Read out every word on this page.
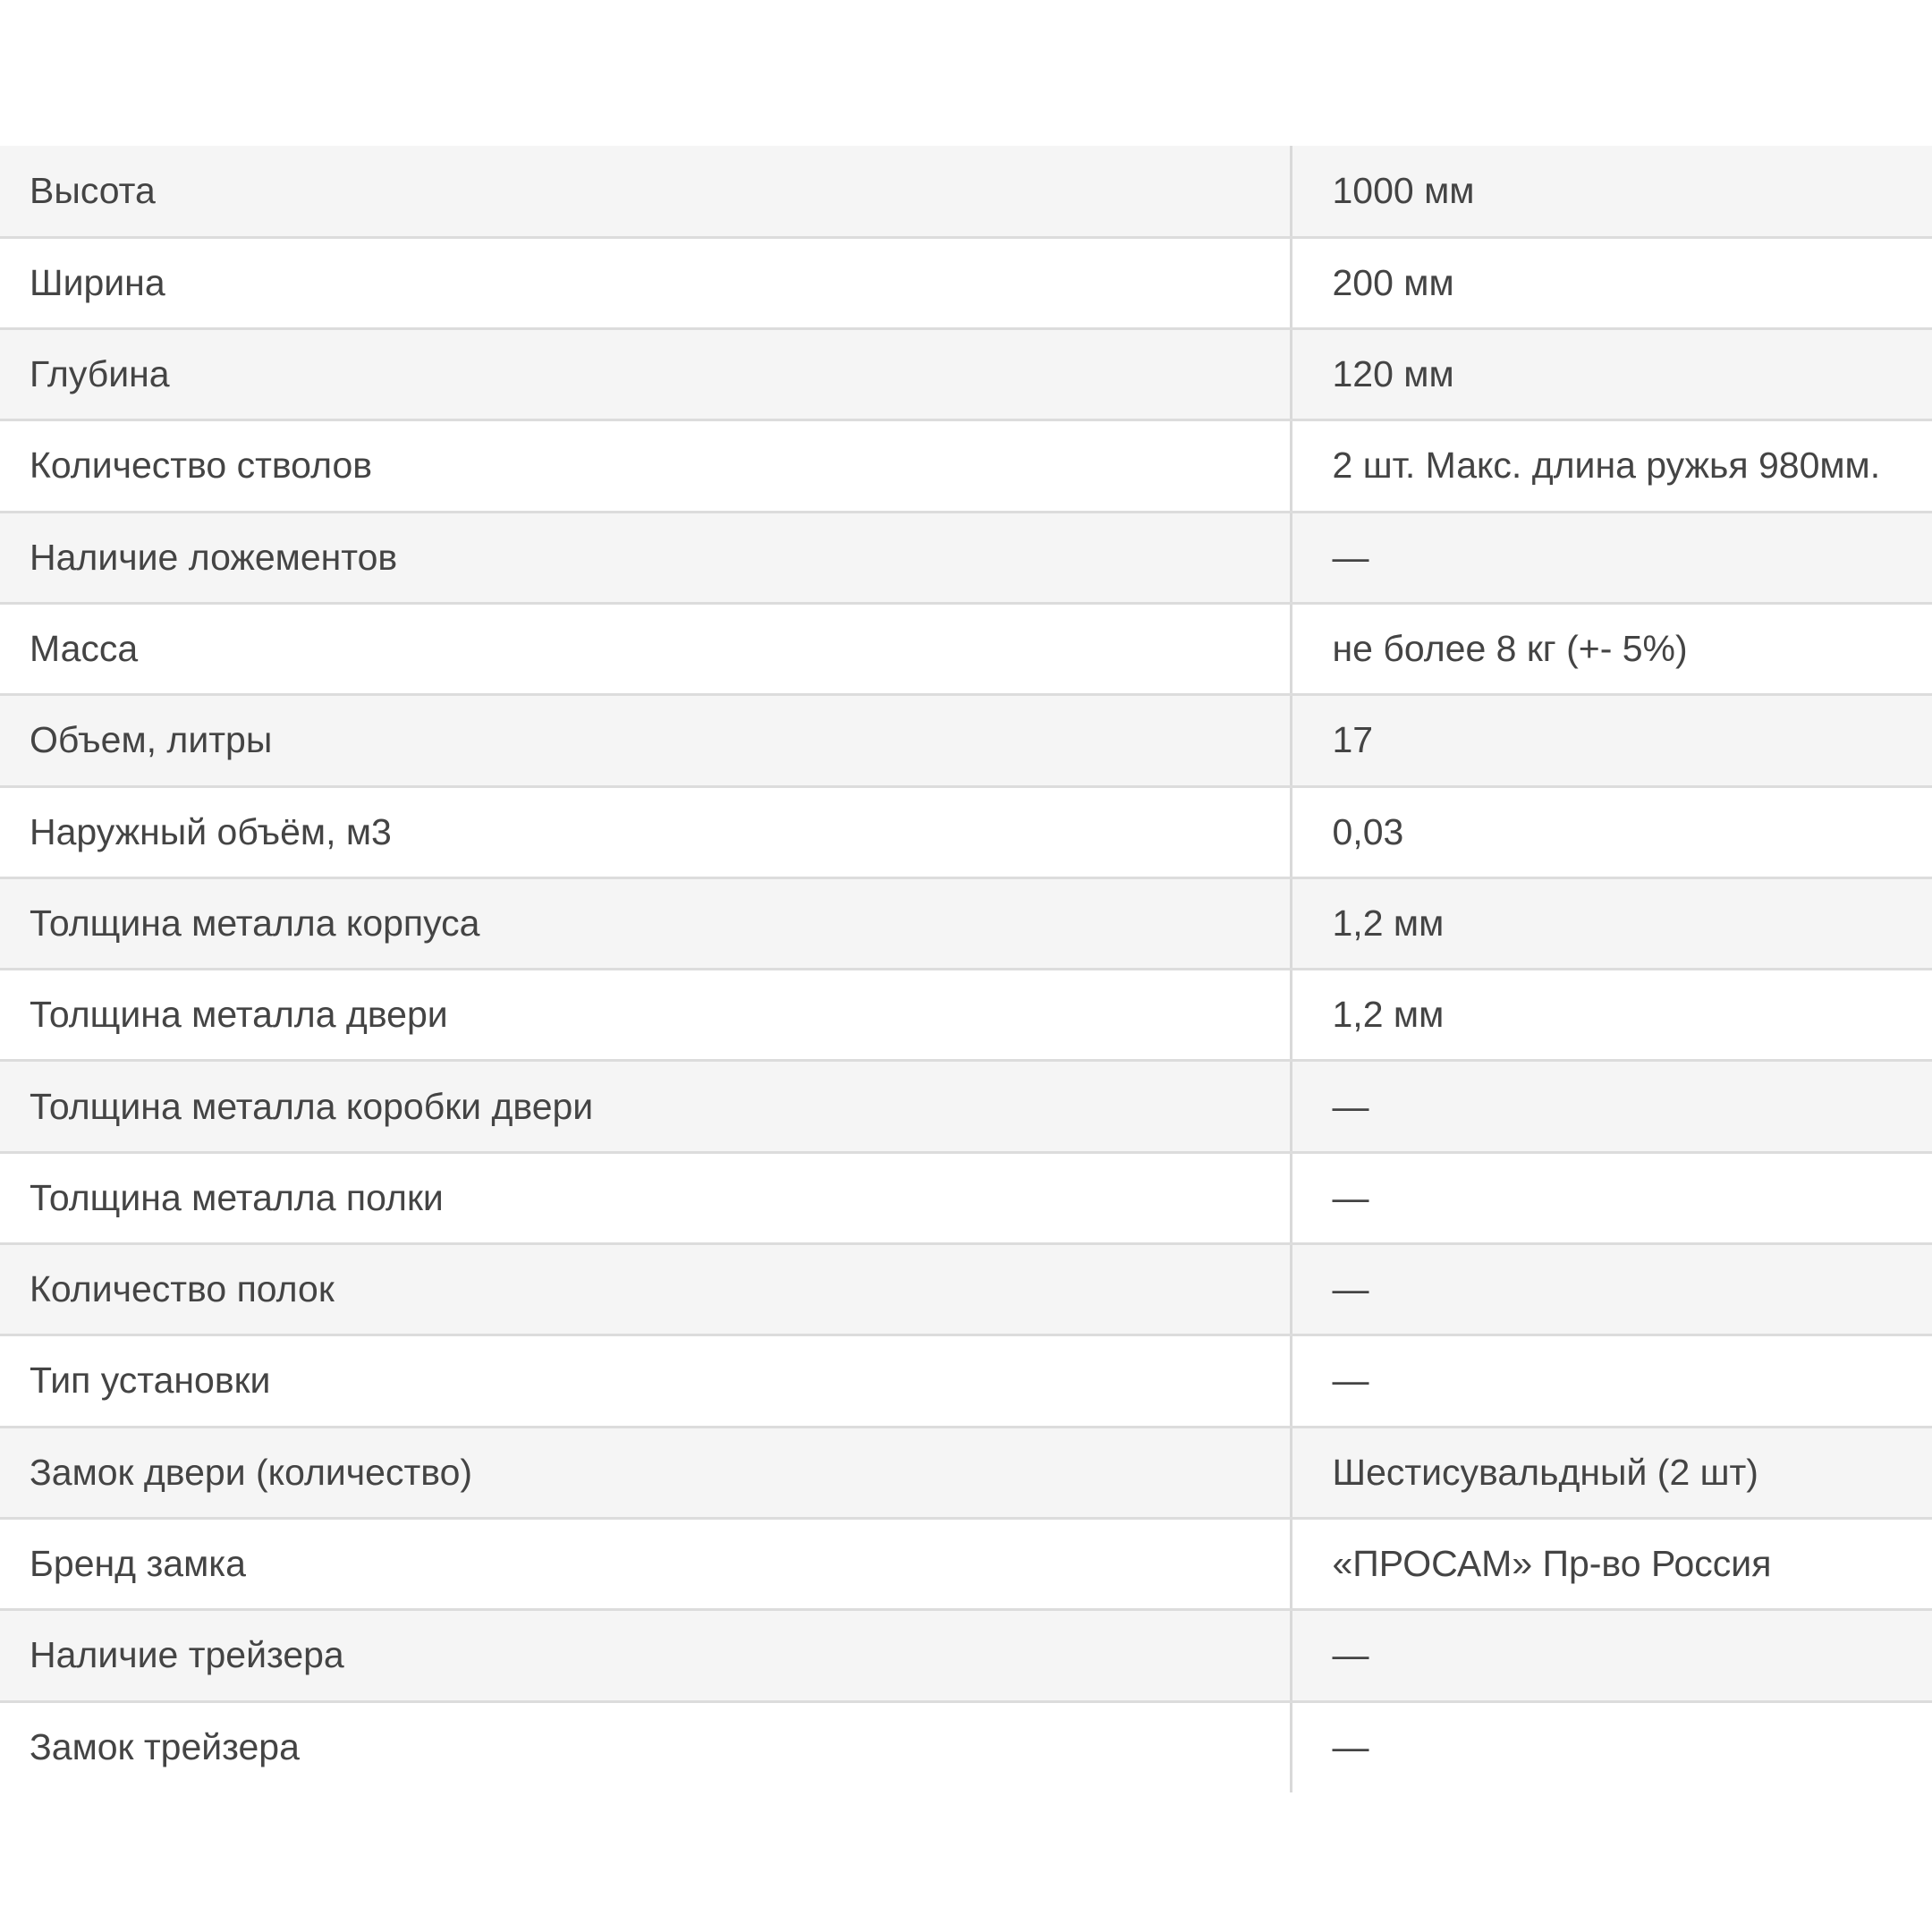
Высота	1000 мм
Ширина	200 мм
Глубина	120 мм
Количество стволов	2 шт. Макс. длина ружья 980мм.
Наличие ложементов	—
Масса	не более 8 кг (+- 5%)
Объем, литры	17
Наружный объём, м3	0,03
Толщина металла корпуса	1,2 мм
Толщина металла двери	1,2 мм
Толщина металла коробки двери	—
Толщина металла полки	—
Количество полок	—
Тип установки	—
Замок двери (количество)	Шестисувальдный (2 шт)
Бренд замка	«ПРОСАМ» Пр-во Россия
Наличие трейзера	—
Замок трейзера	—
